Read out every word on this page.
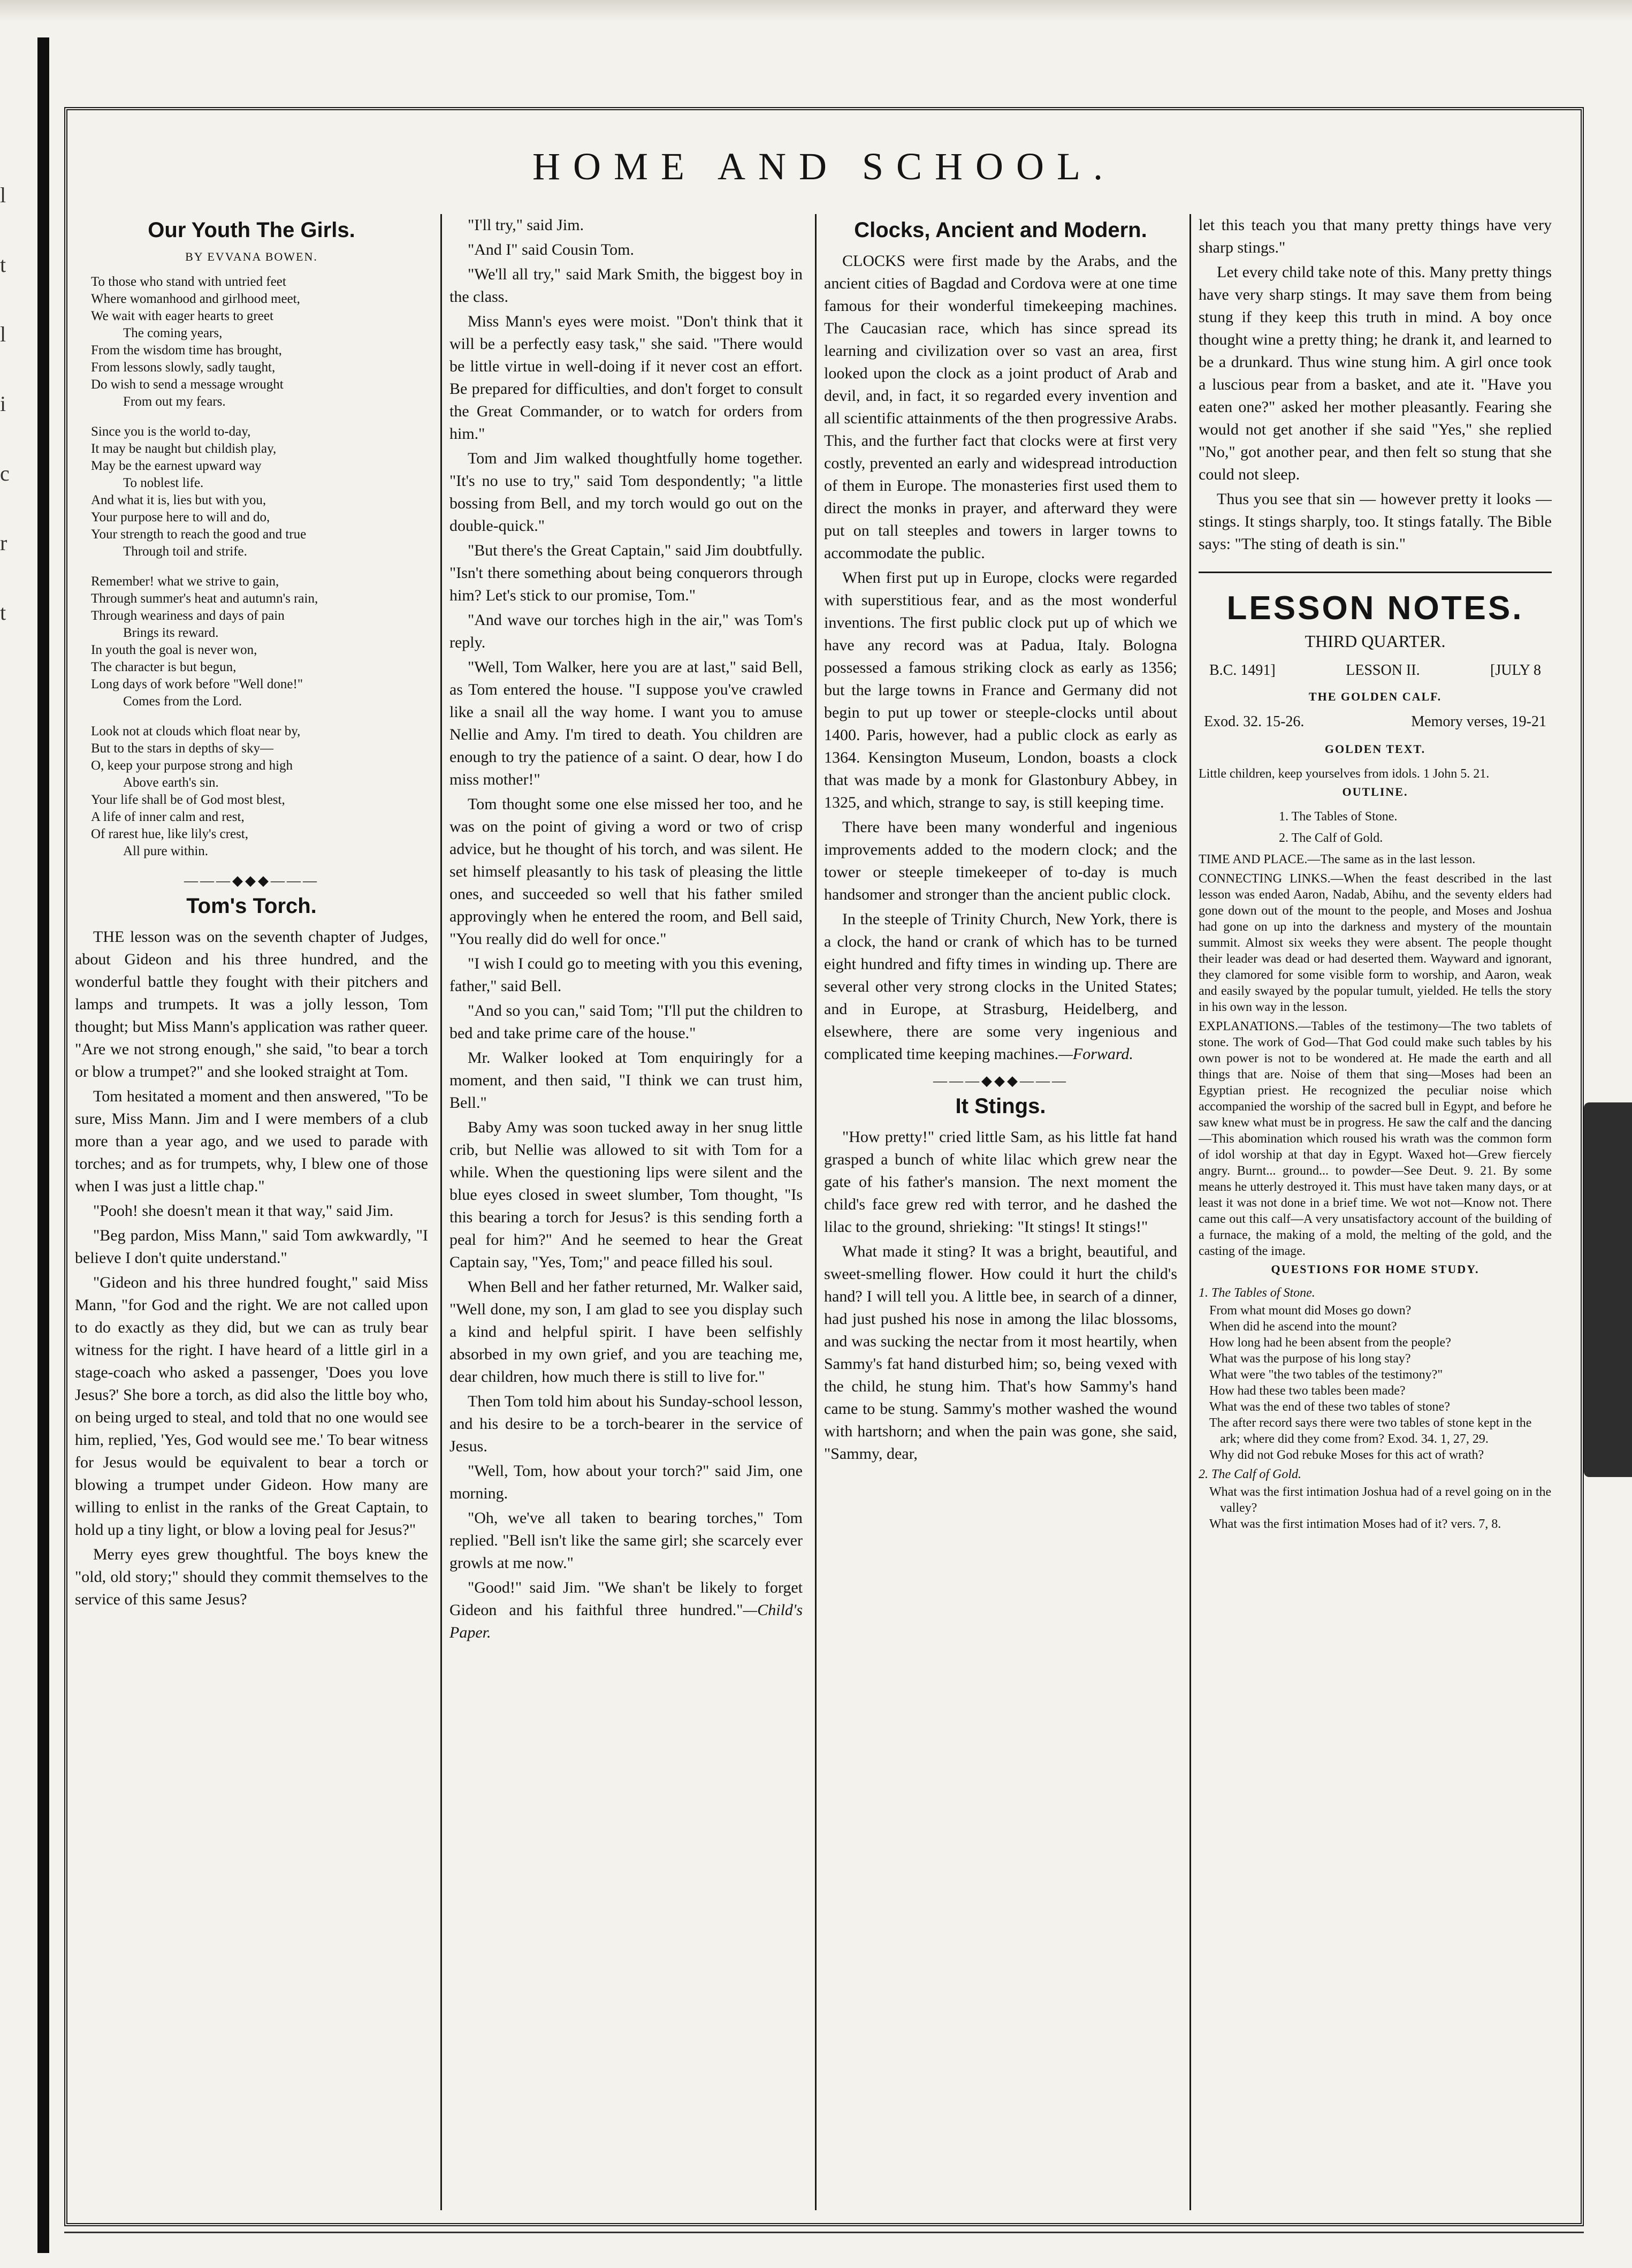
l
t
l
i
c
r
t
HOME AND SCHOOL.
Our Youth The Girls.
BY EVVANA BOWEN.
To those who stand with untried feet
Where womanhood and girlhood meet,
We wait with eager hearts to greet
The coming years,
From the wisdom time has brought,
From lessons slowly, sadly taught,
Do wish to send a message wrought
From out my fears.
Since you is the world to-day,
It may be naught but childish play,
May be the earnest upward way
To noblest life.
And what it is, lies but with you,
Your purpose here to will and do,
Your strength to reach the good and true
Through toil and strife.
Remember! what we strive to gain,
Through summer's heat and autumn's rain,
Through weariness and days of pain
Brings its reward.
In youth the goal is never won,
The character is but begun,
Long days of work before "Well done!"
Comes from the Lord.
Look not at clouds which float near by,
But to the stars in depths of sky—
O, keep your purpose strong and high
Above earth's sin.
Your life shall be of God most blest,
A life of inner calm and rest,
Of rarest hue, like lily's crest,
All pure within.
———◆◆◆———
Tom's Torch.

THE lesson was on the seventh chapter of Judges, about Gideon and his three hundred, and the wonderful battle they fought with their pitchers and lamps and trumpets. It was a jolly lesson, Tom thought; but Miss Mann's application was rather queer. "Are we not strong enough," she said, "to bear a torch or blow a trumpet?" and she looked straight at Tom.

Tom hesitated a moment and then answered, "To be sure, Miss Mann. Jim and I were members of a club more than a year ago, and we used to parade with torches; and as for trumpets, why, I blew one of those when I was just a little chap."

"Pooh! she doesn't mean it that way," said Jim.

"Beg pardon, Miss Mann," said Tom awkwardly, "I believe I don't quite understand."

"Gideon and his three hundred fought," said Miss Mann, "for God and the right. We are not called upon to do exactly as they did, but we can as truly bear witness for the right. I have heard of a little girl in a stage-coach who asked a passenger, 'Does you love Jesus?' She bore a torch, as did also the little boy who, on being urged to steal, and told that no one would see him, replied, 'Yes, God would see me.' To bear witness for Jesus would be equivalent to bear a torch or blowing a trumpet under Gideon. How many are willing to enlist in the ranks of the Great Captain, to hold up a tiny light, or blow a loving peal for Jesus?"

Merry eyes grew thoughtful. The boys knew the "old, old story;" should they commit themselves to the service of this same Jesus?

"I'll try," said Jim.

"And I" said Cousin Tom.

"We'll all try," said Mark Smith, the biggest boy in the class.

Miss Mann's eyes were moist. "Don't think that it will be a perfectly easy task," she said. "There would be little virtue in well-doing if it never cost an effort. Be prepared for difficulties, and don't forget to consult the Great Commander, or to watch for orders from him."

Tom and Jim walked thoughtfully home together. "It's no use to try," said Tom despondently; "a little bossing from Bell, and my torch would go out on the double-quick."

"But there's the Great Captain," said Jim doubtfully. "Isn't there something about being conquerors through him? Let's stick to our promise, Tom."

"And wave our torches high in the air," was Tom's reply.

"Well, Tom Walker, here you are at last," said Bell, as Tom entered the house. "I suppose you've crawled like a snail all the way home. I want you to amuse Nellie and Amy. I'm tired to death. You children are enough to try the patience of a saint. O dear, how I do miss mother!"

Tom thought some one else missed her too, and he was on the point of giving a word or two of crisp advice, but he thought of his torch, and was silent. He set himself pleasantly to his task of pleasing the little ones, and succeeded so well that his father smiled approvingly when he entered the room, and Bell said, "You really did do well for once."

"I wish I could go to meeting with you this evening, father," said Bell.

"And so you can," said Tom; "I'll put the children to bed and take prime care of the house."

Mr. Walker looked at Tom enquiringly for a moment, and then said, "I think we can trust him, Bell."

Baby Amy was soon tucked away in her snug little crib, but Nellie was allowed to sit with Tom for a while. When the questioning lips were silent and the blue eyes closed in sweet slumber, Tom thought, "Is this bearing a torch for Jesus? is this sending forth a peal for him?" And he seemed to hear the Great Captain say, "Yes, Tom;" and peace filled his soul.

When Bell and her father returned, Mr. Walker said, "Well done, my son, I am glad to see you display such a kind and helpful spirit. I have been selfishly absorbed in my own grief, and you are teaching me, dear children, how much there is still to live for."

Then Tom told him about his Sunday-school lesson, and his desire to be a torch-bearer in the service of Jesus.

"Well, Tom, how about your torch?" said Jim, one morning.

"Oh, we've all taken to bearing torches," Tom replied. "Bell isn't like the same girl; she scarcely ever growls at me now."

"Good!" said Jim. "We shan't be likely to forget Gideon and his faithful three hundred."—Child's Paper.

Clocks, Ancient and Modern.

CLOCKS were first made by the Arabs, and the ancient cities of Bagdad and Cordova were at one time famous for their wonderful timekeeping machines. The Caucasian race, which has since spread its learning and civilization over so vast an area, first looked upon the clock as a joint product of Arab and devil, and, in fact, it so regarded every invention and all scientific attainments of the then progressive Arabs. This, and the further fact that clocks were at first very costly, prevented an early and widespread introduction of them in Europe. The monasteries first used them to direct the monks in prayer, and afterward they were put on tall steeples and towers in larger towns to accommodate the public.

When first put up in Europe, clocks were regarded with superstitious fear, and as the most wonderful inventions. The first public clock put up of which we have any record was at Padua, Italy. Bologna possessed a famous striking clock as early as 1356; but the large towns in France and Germany did not begin to put up tower or steeple-clocks until about 1400. Paris, however, had a public clock as early as 1364. Kensington Museum, London, boasts a clock that was made by a monk for Glastonbury Abbey, in 1325, and which, strange to say, is still keeping time.

There have been many wonderful and ingenious improvements added to the modern clock; and the tower or steeple timekeeper of to-day is much handsomer and stronger than the ancient public clock.

In the steeple of Trinity Church, New York, there is a clock, the hand or crank of which has to be turned eight hundred and fifty times in winding up. There are several other very strong clocks in the United States; and in Europe, at Strasburg, Heidelberg, and elsewhere, there are some very ingenious and complicated time keeping machines.—Forward.

———◆◆◆———
It Stings.

"How pretty!" cried little Sam, as his little fat hand grasped a bunch of white lilac which grew near the gate of his father's mansion. The next moment the child's face grew red with terror, and he dashed the lilac to the ground, shrieking: "It stings! It stings!"

What made it sting? It was a bright, beautiful, and sweet-smelling flower. How could it hurt the child's hand? I will tell you. A little bee, in search of a dinner, had just pushed his nose in among the lilac blossoms, and was sucking the nectar from it most heartily, when Sammy's fat hand disturbed him; so, being vexed with the child, he stung him. That's how Sammy's hand came to be stung. Sammy's mother washed the wound with hartshorn; and when the pain was gone, she said, "Sammy, dear,

let this teach you that many pretty things have very sharp stings."

Let every child take note of this. Many pretty things have very sharp stings. It may save them from being stung if they keep this truth in mind. A boy once thought wine a pretty thing; he drank it, and learned to be a drunkard. Thus wine stung him. A girl once took a luscious pear from a basket, and ate it. "Have you eaten one?" asked her mother pleasantly. Fearing she would not get another if she said "Yes," she replied "No," got another pear, and then felt so stung that she could not sleep.

Thus you see that sin — however pretty it looks — stings. It stings sharply, too. It stings fatally. The Bible says: "The sting of death is sin."

LESSON NOTES.
THIRD QUARTER.
B.C. 1491]	LESSON II.	[JULY 8
THE GOLDEN CALF.
Exod. 32. 15-26.	Memory verses, 19-21
GOLDEN TEXT.

Little children, keep yourselves from idols. 1 John 5. 21.

OUTLINE.
1. The Tables of Stone.
2. The Calf of Gold.

TIME AND PLACE.—The same as in the last lesson.

CONNECTING LINKS.—When the feast described in the last lesson was ended Aaron, Nadab, Abihu, and the seventy elders had gone down out of the mount to the people, and Moses and Joshua had gone on up into the darkness and mystery of the mountain summit. Almost six weeks they were absent. The people thought their leader was dead or had deserted them. Wayward and ignorant, they clamored for some visible form to worship, and Aaron, weak and easily swayed by the popular tumult, yielded. He tells the story in his own way in the lesson.

EXPLANATIONS.—Tables of the testimony—The two tablets of stone. The work of God—That God could make such tables by his own power is not to be wondered at. He made the earth and all things that are. Noise of them that sing—Moses had been an Egyptian priest. He recognized the peculiar noise which accompanied the worship of the sacred bull in Egypt, and before he saw knew what must be in progress. He saw the calf and the dancing—This abomination which roused his wrath was the common form of idol worship at that day in Egypt. Waxed hot—Grew fiercely angry. Burnt... ground... to powder—See Deut. 9. 21. By some means he utterly destroyed it. This must have taken many days, or at least it was not done in a brief time. We wot not—Know not. There came out this calf—A very unsatisfactory account of the building of a furnace, the making of a mold, the melting of the gold, and the casting of the image.

QUESTIONS FOR HOME STUDY.
1. The Tables of Stone.

From what mount did Moses go down?

When did he ascend into the mount?

How long had he been absent from the people?

What was the purpose of his long stay?

What were "the two tables of the testimony?"

How had these two tables been made?

What was the end of these two tables of stone?

The after record says there were two tables of stone kept in the ark; where did they come from? Exod. 34. 1, 27, 29.

Why did not God rebuke Moses for this act of wrath?

2. The Calf of Gold.

What was the first intimation Joshua had of a revel going on in the valley?

What was the first intimation Moses had of it? vers. 7, 8.
